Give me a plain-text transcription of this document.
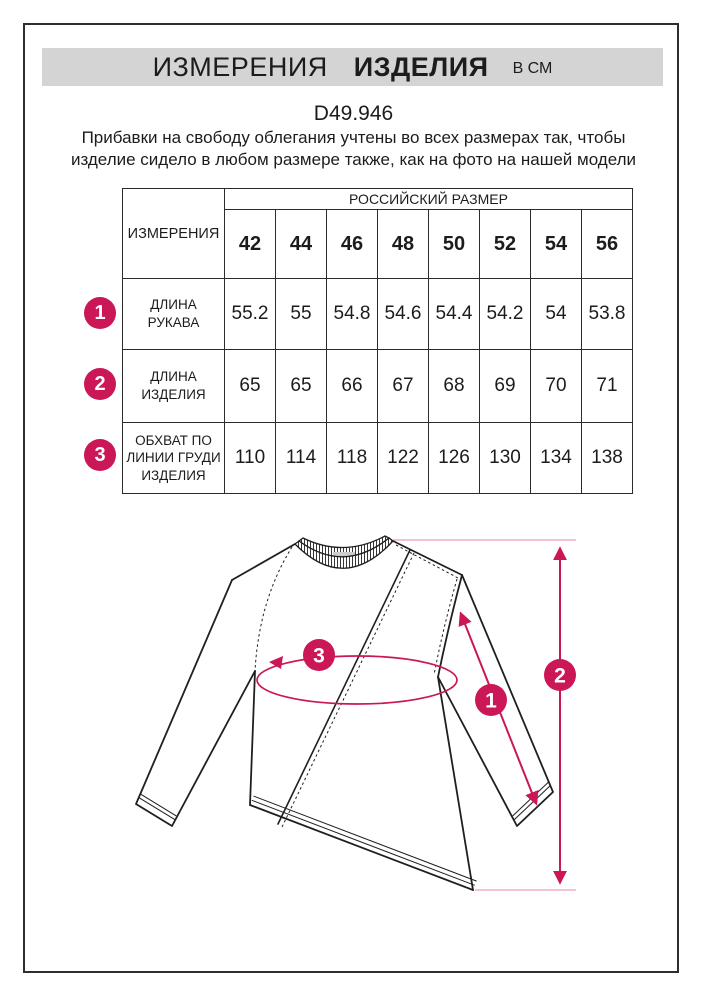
ИЗМЕРЕНИЯ ИЗДЕЛИЯ В СМ
D49.946
Прибавки на свободу облегания учтены во всех размерах так, чтобы изделие сидело в любом размере также, как на фото на нашей модели
ИЗМЕРЕНИЯ	РОССИЙСКИЙ РАЗМЕР							
	42	44	46	48	50	52	54	56
ДЛИНА РУКАВА	55.2	55	54.8	54.6	54.4	54.2	54	53.8
ДЛИНА ИЗДЕЛИЯ	65	65	66	67	68	69	70	71
ОБХВАТ ПО ЛИНИИ ГРУДИ ИЗДЕЛИЯ	110	114	118	122	126	130	134	138
1
2
3
3
1
2
